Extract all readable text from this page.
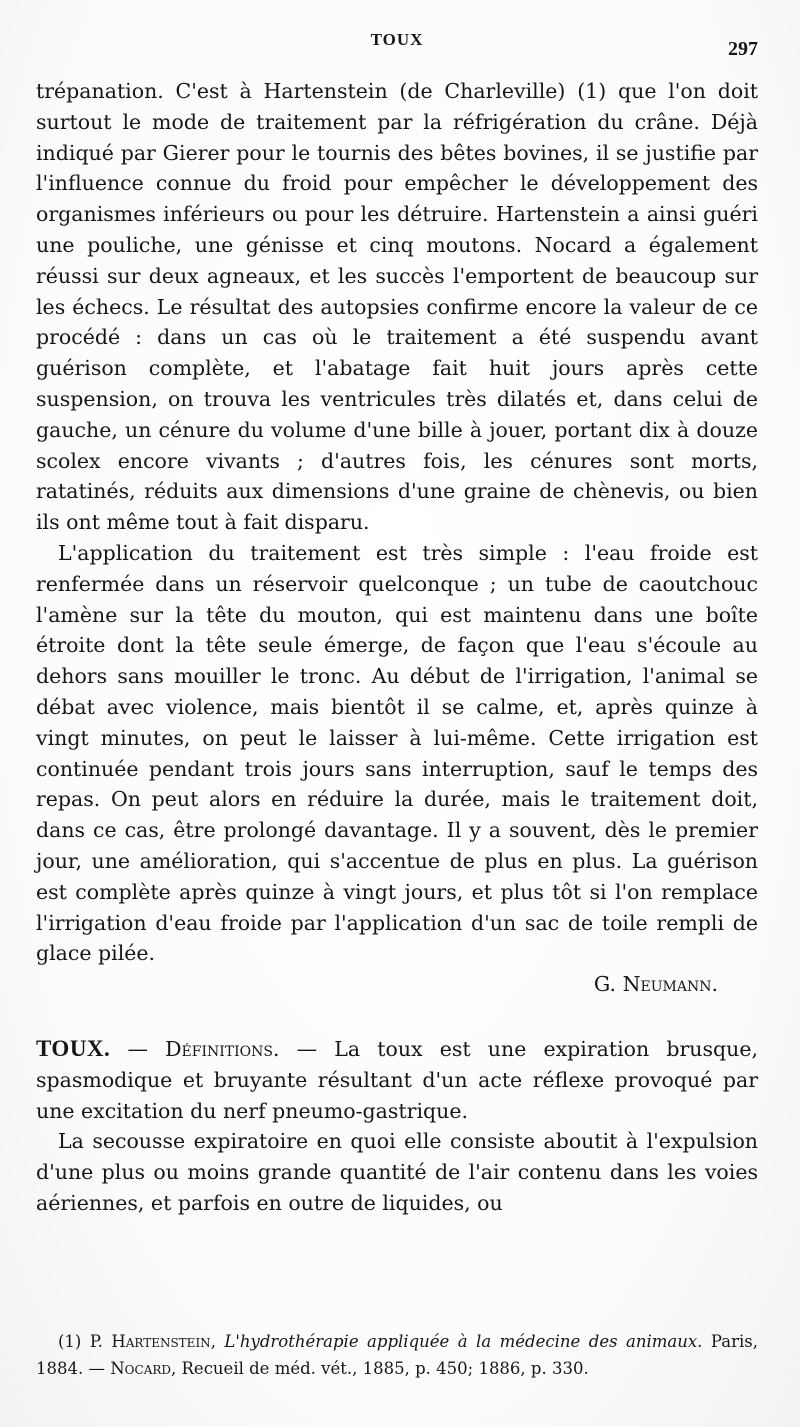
TOUX	297

trépanation. C'est à Hartenstein (de Charleville) (1) que l'on doit surtout le mode de traitement par la réfrigération du crâne. Déjà indiqué par Gierer pour le tournis des bêtes bovines, il se justifie par l'influence connue du froid pour empêcher le développement des organismes inférieurs ou pour les détruire. Hartenstein a ainsi guéri une pouliche, une génisse et cinq moutons. Nocard a également réussi sur deux agneaux, et les succès l'emportent de beaucoup sur les échecs. Le résultat des autopsies confirme encore la valeur de ce procédé : dans un cas où le traitement a été suspendu avant guérison complète, et l'abatage fait huit jours après cette suspension, on trouva les ventricules très dilatés et, dans celui de gauche, un cénure du volume d'une bille à jouer, portant dix à douze scolex encore vivants ; d'autres fois, les cénures sont morts, ratatinés, réduits aux dimensions d'une graine de chènevis, ou bien ils ont même tout à fait disparu.

L'application du traitement est très simple : l'eau froide est renfermée dans un réservoir quelconque ; un tube de caoutchouc l'amène sur la tête du mouton, qui est maintenu dans une boîte étroite dont la tête seule émerge, de façon que l'eau s'écoule au dehors sans mouiller le tronc. Au début de l'irrigation, l'animal se débat avec violence, mais bientôt il se calme, et, après quinze à vingt minutes, on peut le laisser à lui-même. Cette irrigation est continuée pendant trois jours sans interruption, sauf le temps des repas. On peut alors en réduire la durée, mais le traitement doit, dans ce cas, être prolongé davantage. Il y a souvent, dès le premier jour, une amélioration, qui s'accentue de plus en plus. La guérison est complète après quinze à vingt jours, et plus tôt si l'on remplace l'irrigation d'eau froide par l'application d'un sac de toile rempli de glace pilée.

G. Neumann.

TOUX. — Définitions. — La toux est une expiration brusque, spasmodique et bruyante résultant d'un acte réflexe provoqué par une excitation du nerf pneumo-gastrique.

La secousse expiratoire en quoi elle consiste aboutit à l'expulsion d'une plus ou moins grande quantité de l'air contenu dans les voies aériennes, et parfois en outre de liquides, ou

(1) P. Hartenstein, L'hydrothérapie appliquée à la médecine des animaux. Paris, 1884. — Nocard, Recueil de méd. vét., 1885, p. 450; 1886, p. 330.
